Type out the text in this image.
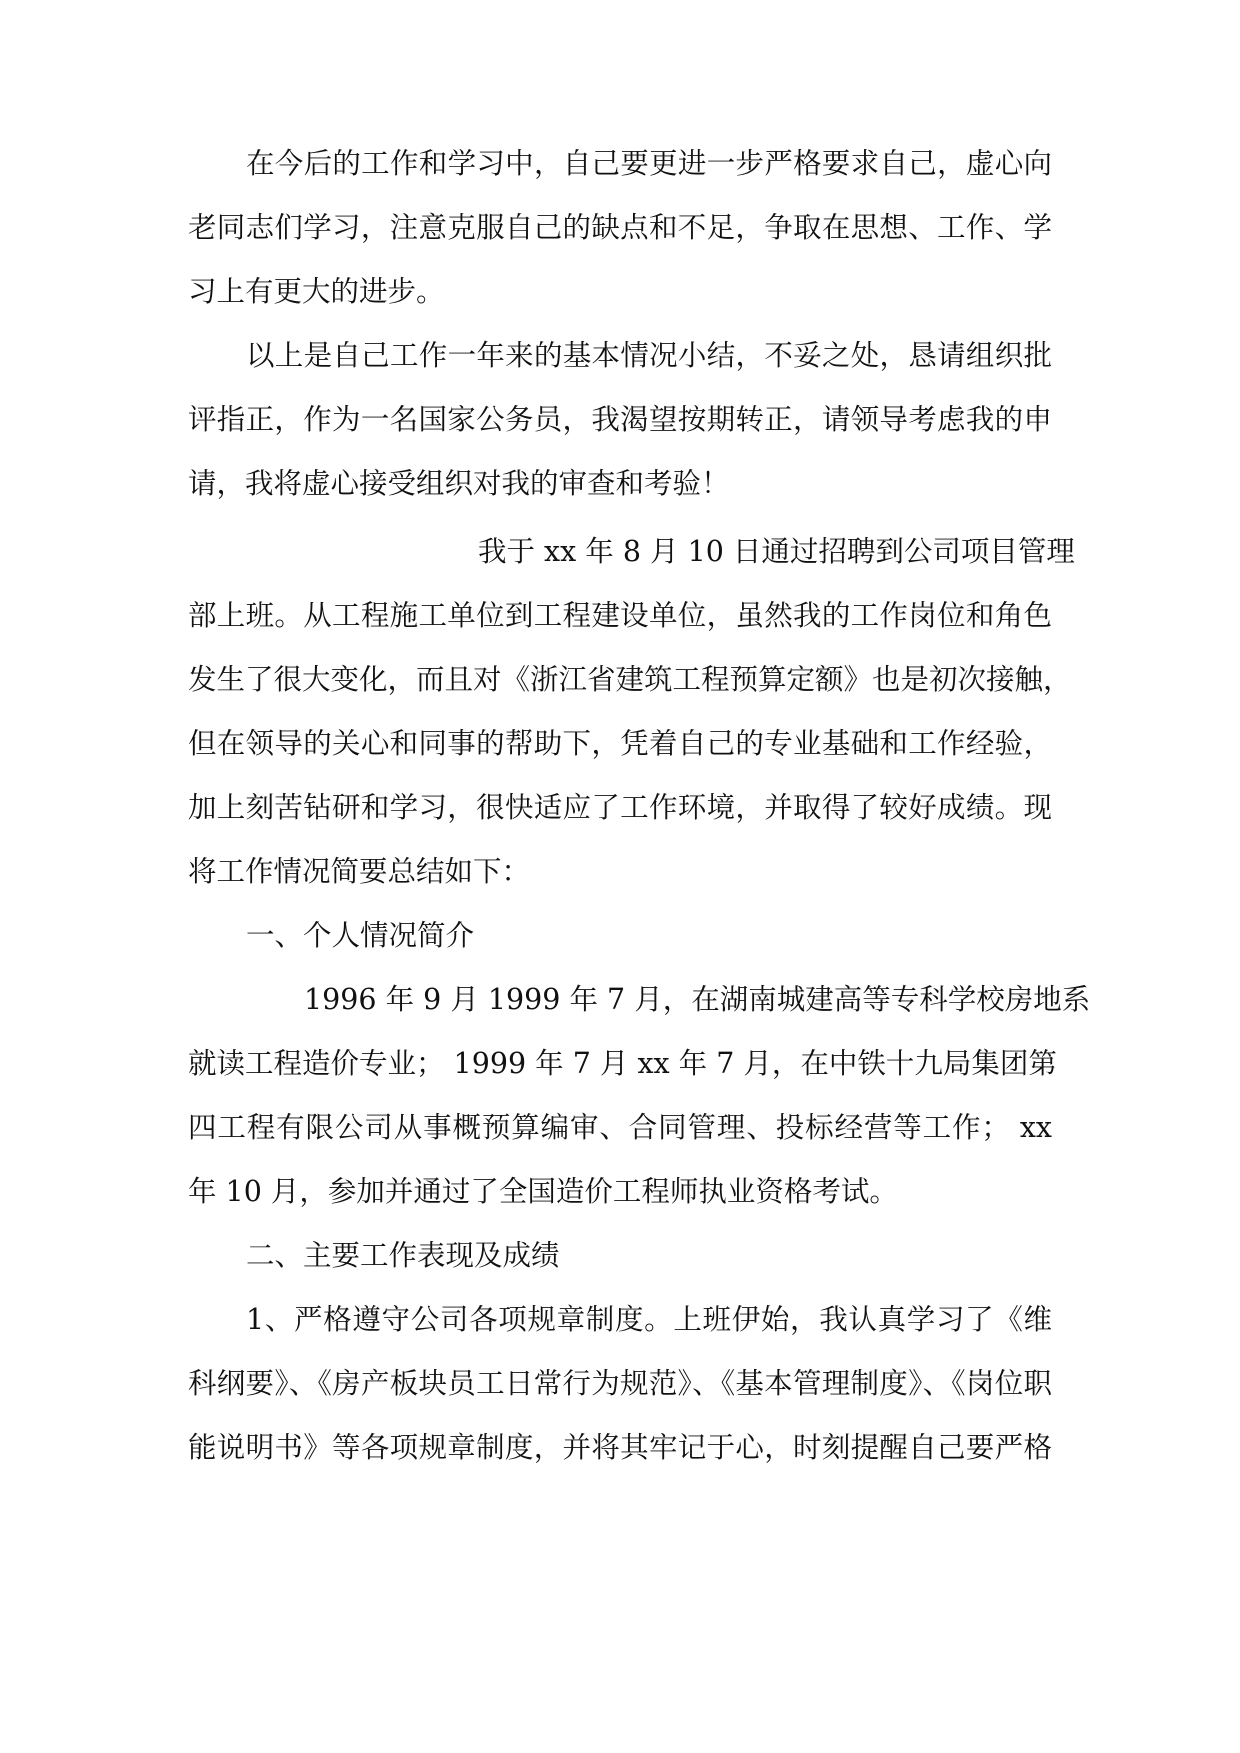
在今后的工作和学习中，自己要更进一步严格要求自己，虚心向
老同志们学习，注意克服自己的缺点和不足，争取在思想、工作、学
习上有更大的进步。
以上是自己工作一年来的基本情况小结，不妥之处，恳请组织批
评指正，作为一名国家公务员，我渴望按期转正，请领导考虑我的申
请，我将虚心接受组织对我的审查和考验！
我于 xx 年 8 月 10 日通过招聘到公司项目管理
部上班。从工程施工单位到工程建设单位，虽然我的工作岗位和角色
发生了很大变化，而且对《浙江省建筑工程预算定额》也是初次接触，
但在领导的关心和同事的帮助下，凭着自己的专业基础和工作经验，
加上刻苦钻研和学习，很快适应了工作环境，并取得了较好成绩。现
将工作情况简要总结如下：
一、个人情况简介
1996 年 9 月 1999 年 7 月，在湖南城建高等专科学校房地系
就读工程造价专业； 1999 年 7 月 xx 年 7 月，在中铁十九局集团第
四工程有限公司从事概预算编审、合同管理、投标经营等工作； xx
年 10 月，参加并通过了全国造价工程师执业资格考试。
二、主要工作表现及成绩
1、严格遵守公司各项规章制度。上班伊始，我认真学习了《维
科纲要》、《房产板块员工日常行为规范》、《基本管理制度》、《岗位职
能说明书》等各项规章制度，并将其牢记于心，时刻提醒自己要严格
